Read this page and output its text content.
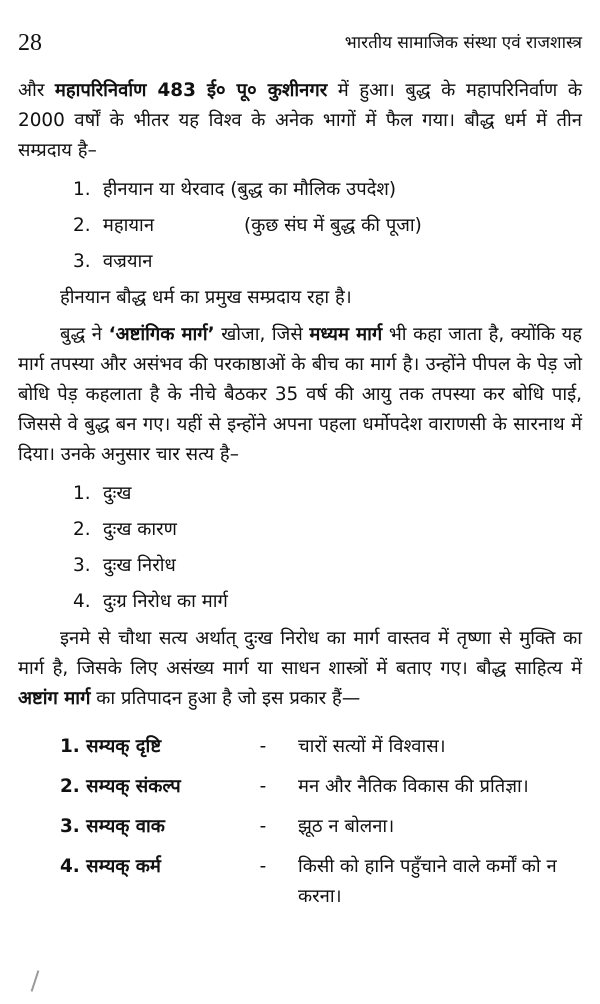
28	भारतीय सामाजिक संस्था एवं राजशास्त्र

और महापरिनिर्वाण 483 ई० पू० कुशीनगर में हुआ। बुद्ध के महापरिनिर्वाण के 2000 वर्षों के भीतर यह विश्व के अनेक भागों में फैल गया। बौद्ध धर्म में तीन सम्प्रदाय है–

1. हीनयान या थेरवाद (बुद्ध का मौलिक उपदेश)
2. महायान	(कुछ संघ में बुद्ध की पूजा)
3. वज्रयान

हीनयान बौद्ध धर्म का प्रमुख सम्प्रदाय रहा है।

बुद्ध ने ‘अष्टांगिक मार्ग’ खोजा, जिसे मध्यम मार्ग भी कहा जाता है, क्योंकि यह मार्ग तपस्या और असंभव की परकाष्ठाओं के बीच का मार्ग है। उन्होंने पीपल के पेड़ जो बोधि पेड़ कहलाता है के नीचे बैठकर 35 वर्ष की आयु तक तपस्या कर बोधि पाई, जिससे वे बुद्ध बन गए। यहीं से इन्होंने अपना पहला धर्मोपदेश वाराणसी के सारनाथ में दिया। उनके अनुसार चार सत्य है–

1. दुःख
2. दुःख कारण
3. दुःख निरोध
4. दुःग्र निरोध का मार्ग

इनमे से चौथा सत्य अर्थात् दुःख निरोध का मार्ग वास्तव में तृष्णा से मुक्ति का मार्ग है, जिसके लिए असंख्य मार्ग या साधन शास्त्रों में बताए गए। बौद्ध साहित्य में अष्टांग मार्ग का प्रतिपादन हुआ है जो इस प्रकार हैं—

1. सम्यक् दृष्टि	-	चारों सत्यों में विश्वास।
2. सम्यक् संकल्प	-	मन और नैतिक विकास की प्रतिज्ञा।
3. सम्यक् वाक	-	झूठ न बोलना।
4. सम्यक् कर्म	-	किसी को हानि पहुँचाने वाले कर्मों को न करना।
